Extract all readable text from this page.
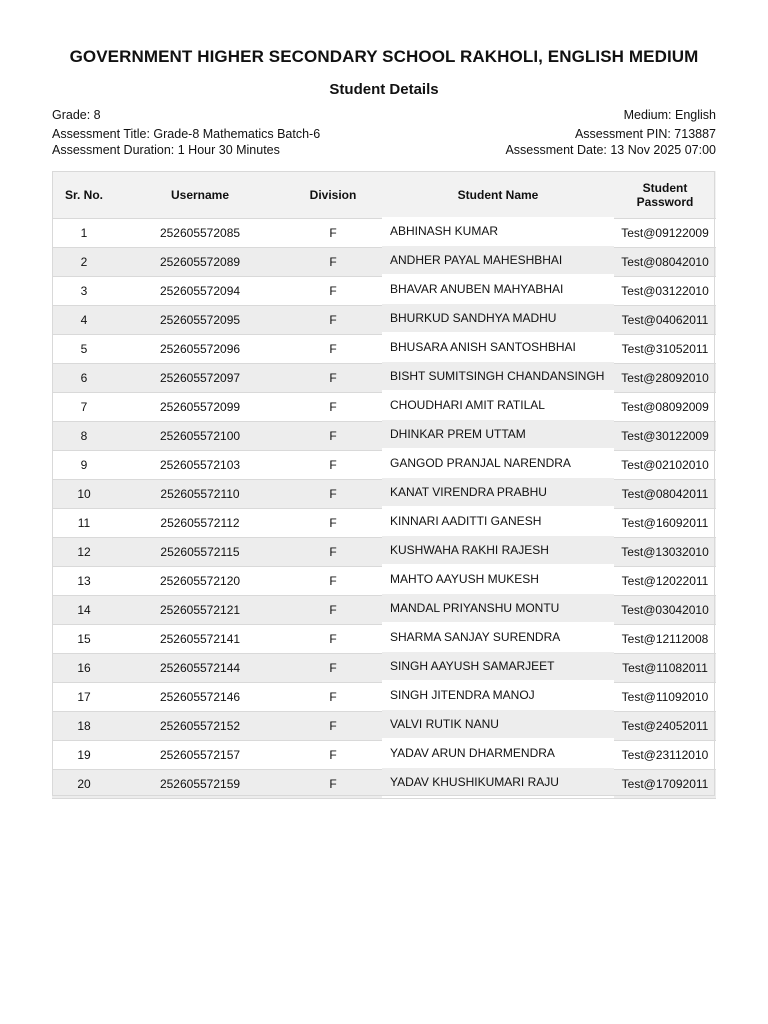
GOVERNMENT HIGHER SECONDARY SCHOOL RAKHOLI, ENGLISH MEDIUM
Student Details
Grade: 8	Medium: English
Assessment Title: Grade-8 Mathematics Batch-6	Assessment PIN: 713887
Assessment Duration: 1 Hour 30 Minutes	Assessment Date: 13 Nov 2025 07:00
Sr. No.	Username	Division	Student Name	Student Password
1	252605572085	F	ABHINASH KUMAR	Test@09122009
2	252605572089	F	ANDHER PAYAL MAHESHBHAI	Test@08042010
3	252605572094	F	BHAVAR ANUBEN MAHYABHAI	Test@03122010
4	252605572095	F	BHURKUD SANDHYA MADHU	Test@04062011
5	252605572096	F	BHUSARA ANISH SANTOSHBHAI	Test@31052011
6	252605572097	F	BISHT SUMITSINGH CHANDANSINGH	Test@28092010
7	252605572099	F	CHOUDHARI AMIT RATILAL	Test@08092009
8	252605572100	F	DHINKAR PREM UTTAM	Test@30122009
9	252605572103	F	GANGOD PRANJAL NARENDRA	Test@02102010
10	252605572110	F	KANAT VIRENDRA PRABHU	Test@08042011
11	252605572112	F	KINNARI AADITTI GANESH	Test@16092011
12	252605572115	F	KUSHWAHA RAKHI RAJESH	Test@13032010
13	252605572120	F	MAHTO AAYUSH MUKESH	Test@12022011
14	252605572121	F	MANDAL PRIYANSHU MONTU	Test@03042010
15	252605572141	F	SHARMA SANJAY SURENDRA	Test@12112008
16	252605572144	F	SINGH AAYUSH SAMARJEET	Test@11082011
17	252605572146	F	SINGH JITENDRA MANOJ	Test@11092010
18	252605572152	F	VALVI RUTIK NANU	Test@24052011
19	252605572157	F	YADAV ARUN DHARMENDRA	Test@23112010
20	252605572159	F	YADAV KHUSHIKUMARI RAJU	Test@17092011
